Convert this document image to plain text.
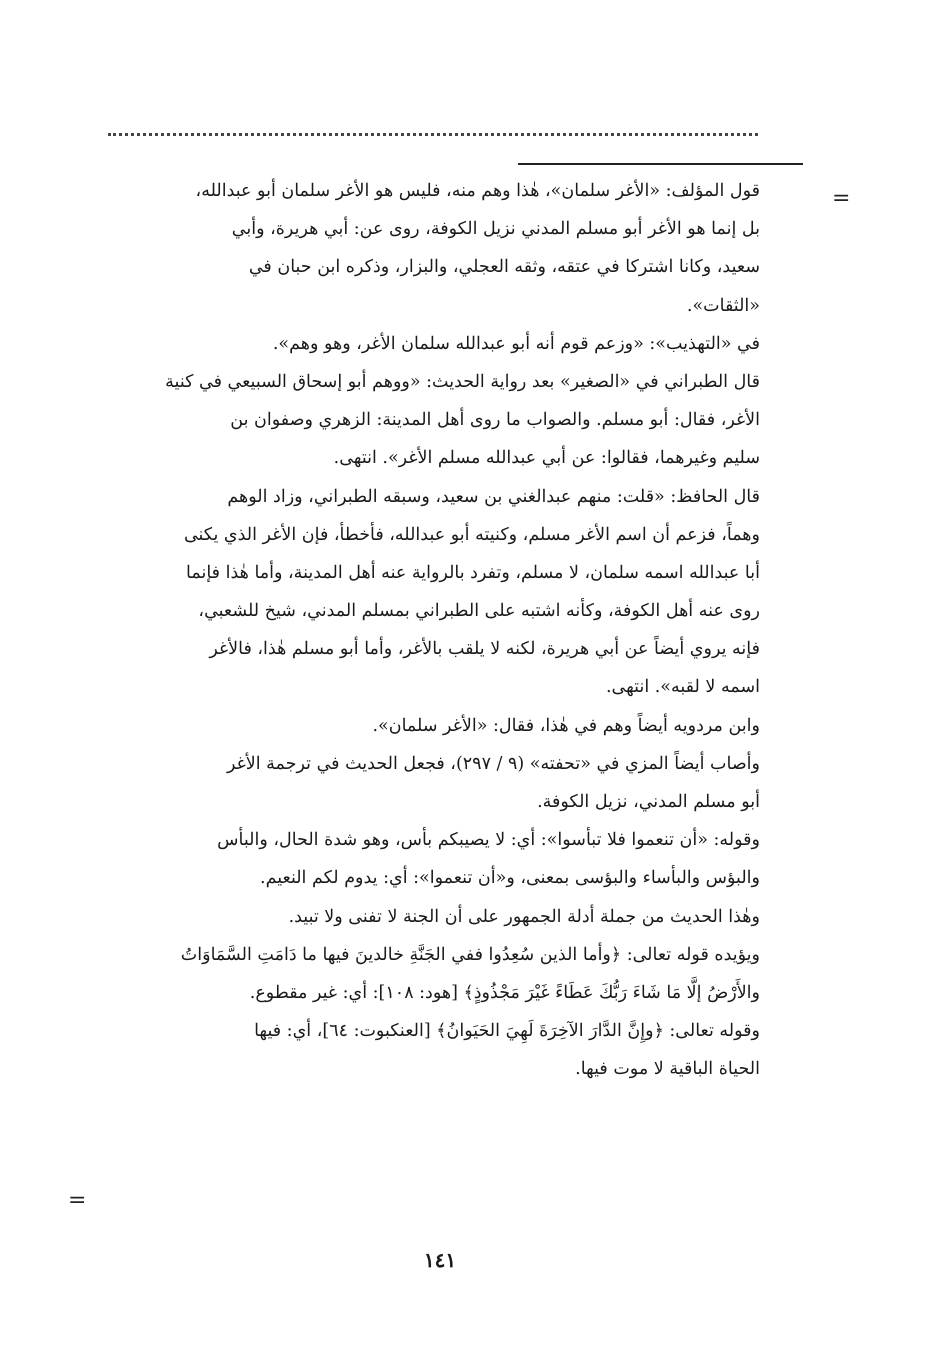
=
قول المؤلف: «الأغر سلمان»، هٰذا وهم منه، فليس هو الأغر سلمان أبو عبدالله،
بل إنما هو الأغر أبو مسلم المدني نزيل الكوفة، روى عن: أبي هريرة، وأبي
سعيد، وكانا اشتركا في عتقه، وثقه العجلي، والبزار، وذكره ابن حبان في
«الثقات».
في «التهذيب»: «وزعم قوم أنه أبو عبدالله سلمان الأغر، وهو وهم».
قال الطبراني في «الصغير» بعد رواية الحديث: «ووهم أبو إسحاق السبيعي في كنية
الأغر، فقال: أبو مسلم. والصواب ما روى أهل المدينة: الزهري وصفوان بن
سليم وغيرهما، فقالوا: عن أبي عبدالله مسلم الأغر». انتهى.
قال الحافظ: «قلت: منهم عبدالغني بن سعيد، وسبقه الطبراني، وزاد الوهم
وهماً، فزعم أن اسم الأغر مسلم، وكنيته أبو عبدالله، فأخطأ، فإن الأغر الذي يكنى
أبا عبدالله اسمه سلمان، لا مسلم، وتفرد بالرواية عنه أهل المدينة، وأما هٰذا فإنما
روى عنه أهل الكوفة، وكأنه اشتبه على الطبراني بمسلم المدني، شيخ للشعبي،
فإنه يروي أيضاً عن أبي هريرة، لكنه لا يلقب بالأغر، وأما أبو مسلم هٰذا، فالأغر
اسمه لا لقبه». انتهى.
وابن مردويه أيضاً وهم في هٰذا، فقال: «الأغر سلمان».
وأصاب أيضاً المزي في «تحفته» (٩ / ٢٩٧)، فجعل الحديث في ترجمة الأغر
أبو مسلم المدني، نزيل الكوفة.
وقوله: «أن تنعموا فلا تبأسوا»: أي: لا يصيبكم بأس، وهو شدة الحال، والبأس
والبؤس والبأساء والبؤسى بمعنى، و«أن تنعموا»: أي: يدوم لكم النعيم.
وهٰذا الحديث من جملة أدلة الجمهور على أن الجنة لا تفنى ولا تبيد.
ويؤيده قوله تعالى: ﴿وأما الذين سُعِدُوا ففي الجَنَّةِ خالدينَ فيها ما دَامَتِ السَّمَاوَاتُ
والأَرْضُ إلَّا مَا شَاءَ رَبُّكَ عَطَاءً غَيْرَ مَجْذُوذٍ﴾ [هود: ١٠٨]: أي: غير مقطوع.
وقوله تعالى: ﴿وإِنَّ الدَّارَ الآخِرَةَ لَهِيَ الحَيَوانُ﴾ [العنكبوت: ٦٤]، أي: فيها
الحياة الباقية لا موت فيها.
=
١٤١
